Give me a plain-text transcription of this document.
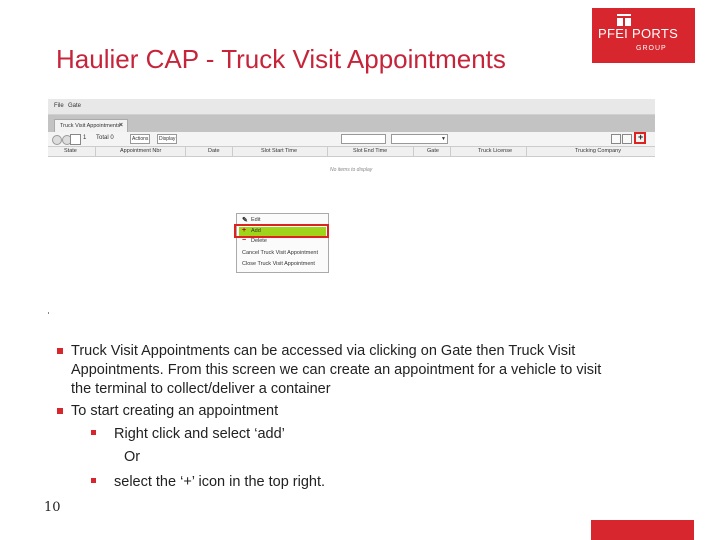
Haulier CAP - Truck Visit Appointments
PFEI PORTS
GROUP
File Gate
Truck Visit Appointments
×
1 Total 0	Actions	Display	▼	+
State	Appointment Nbr	Date	Slot Start Time	Slot End Time	Gate	Truck License	Trucking Company
No items to display
✎ Edit
+ Add
− Delete
Cancel Truck Visit Appointment
Close Truck Visit Appointment
Truck Visit Appointments can be accessed via clicking on Gate then Truck Visit
Appointments. From this screen we can create an appointment for a vehicle to visit
the terminal to collect/deliver a container
To start creating an appointment
Right click and select ‘add’
Or
select the ‘+’ icon in the top right.
10
